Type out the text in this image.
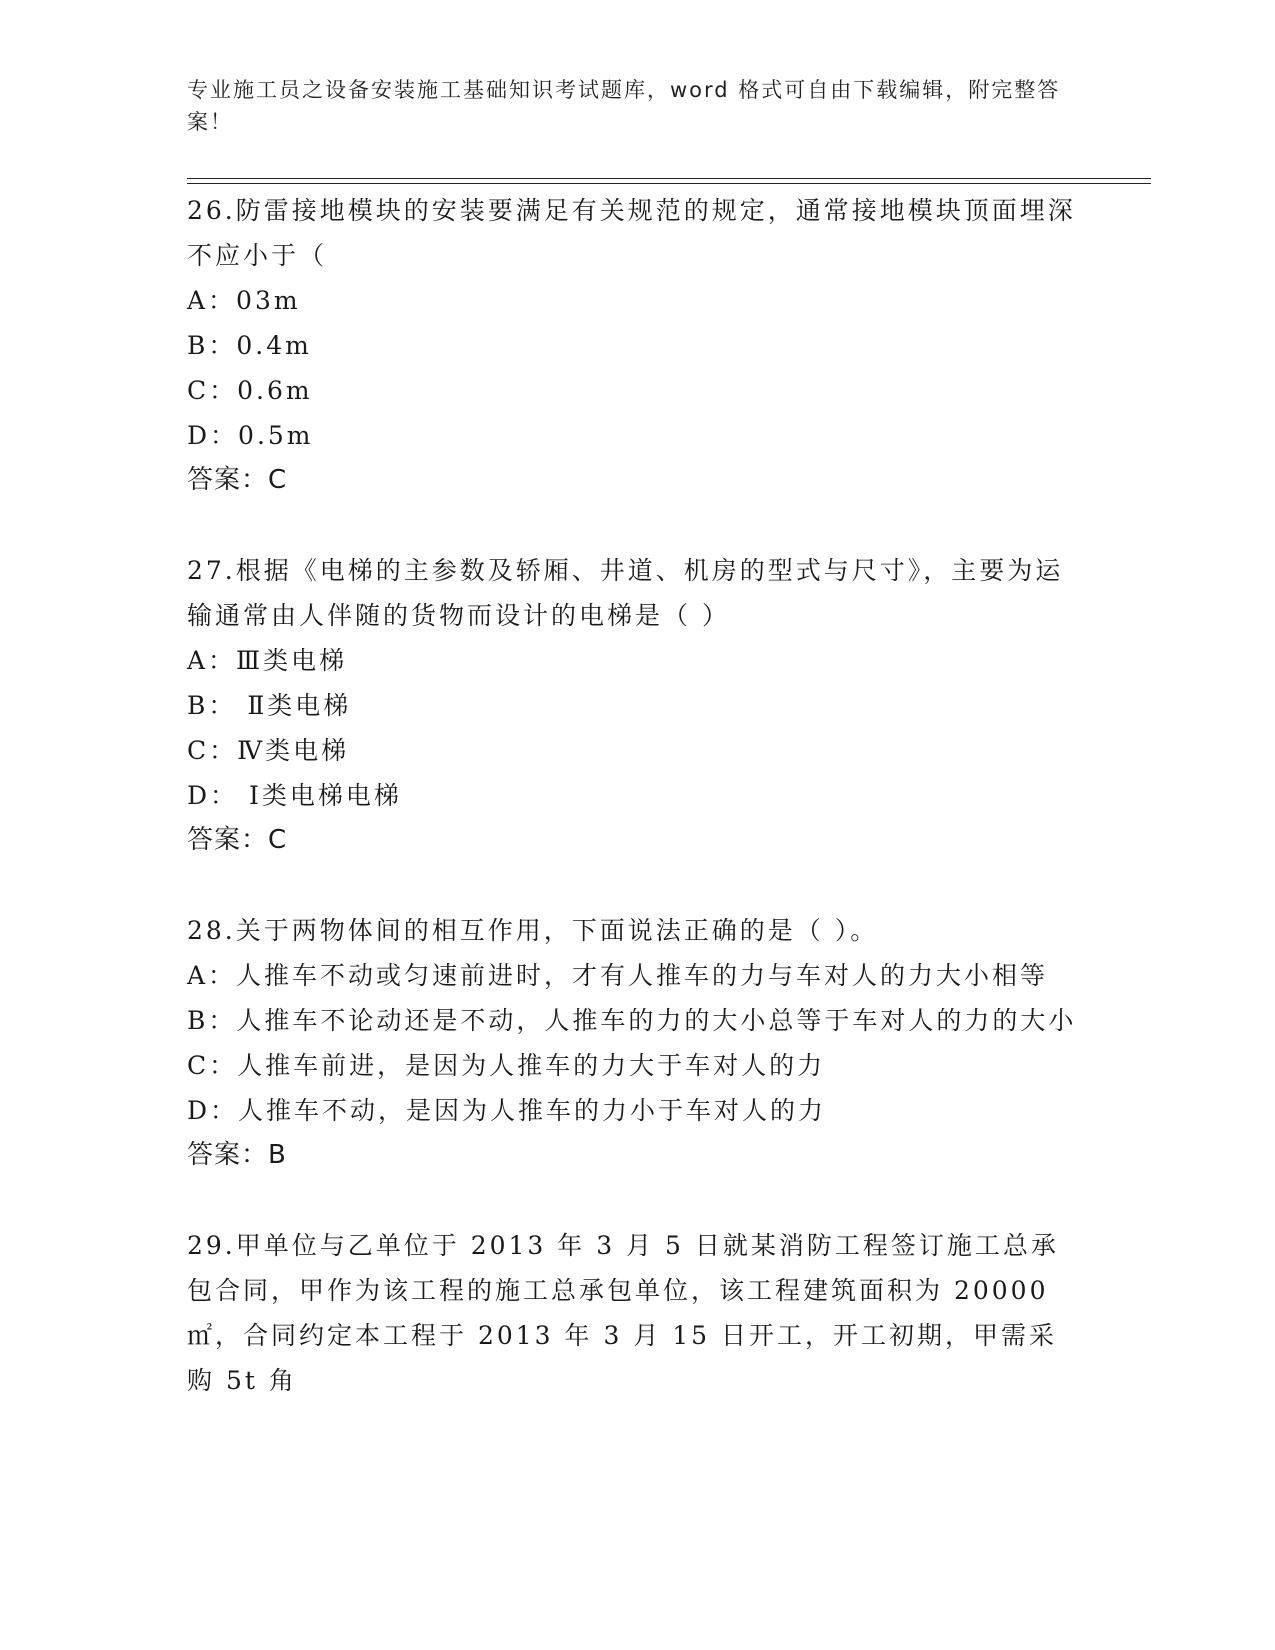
专业施工员之设备安装施工基础知识考试题库，word 格式可自由下载编辑，附完整答案！

26.防雷接地模块的安装要满足有关规范的规定，通常接地模块顶面埋深不应小于（

A：03m

B：0.4m

C：0.6m

D：0.5m

答案：C

27.根据《电梯的主参数及轿厢、井道、机房的型式与尺寸》，主要为运输通常由人伴随的货物而设计的电梯是（ ）

A：Ⅲ类电梯

B： Ⅱ类电梯

C：Ⅳ类电梯

D： Ⅰ类电梯电梯

答案：C

28.关于两物体间的相互作用，下面说法正确的是（ ）。

A：人推车不动或匀速前进时，才有人推车的力与车对人的力大小相等

B：人推车不论动还是不动，人推车的力的大小总等于车对人的力的大小

C：人推车前进，是因为人推车的力大于车对人的力

D：人推车不动，是因为人推车的力小于车对人的力

答案：B

29.甲单位与乙单位于 2013 年 3 月 5 日就某消防工程签订施工总承包合同，甲作为该工程的施工总承包单位，该工程建筑面积为 20000㎡，合同约定本工程于 2013 年 3 月 15 日开工，开工初期，甲需采购 5t 角
